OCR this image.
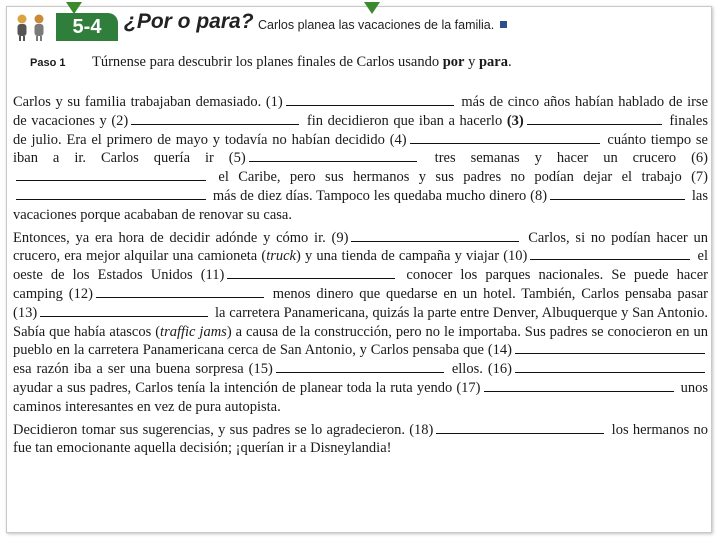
5-4	¿Por o para? Carlos planea las vacaciones de la familia.
Paso 1 Túrnense para descubrir los planes finales de Carlos usando por y para.

Carlos y su familia trabajaban demasiado. (1)	más de cinco años habían hablado de irse de vacaciones y (2)	fin decidieron que iban a hacerlo (3)	finales de julio. Era el primero de mayo y todavía no habían decidido (4)	cuánto tiempo se iban a ir. Carlos quería ir (5)	tres semanas y hacer un crucero (6) el Caribe, pero sus hermanos y sus padres no podían dejar el trabajo (7) más de diez días. Tampoco les quedaba mucho dinero (8)	las vacaciones porque acababan de renovar su casa.

Entonces, ya era hora de decidir adónde y cómo ir. (9)	Carlos, si no podían hacer un crucero, era mejor alquilar una camioneta (truck) y una tienda de campaña y viajar (10)	el oeste de los Estados Unidos (11)	conocer los parques nacionales. Se puede hacer camping (12)	menos dinero que quedarse en un hotel. También, Carlos pensaba pasar (13)	la carretera Panamericana, quizás la parte entre Denver, Albuquerque y San Antonio. Sabía que había atascos (traffic jams) a causa de la construcción, pero no le importaba. Sus padres se conocieron en un pueblo en la carretera Panamericana cerca de San Antonio, y Carlos pensaba que (14) esa razón iba a ser una buena sorpresa (15)	ellos. (16) ayudar a sus padres, Carlos tenía la intención de planear toda la ruta yendo (17)	unos caminos interesantes en vez de pura autopista.

Decidieron tomar sus sugerencias, y sus padres se lo agradecieron. (18)	los hermanos no fue tan emocionante aquella decisión; ¡querían ir a Disneylandia!
